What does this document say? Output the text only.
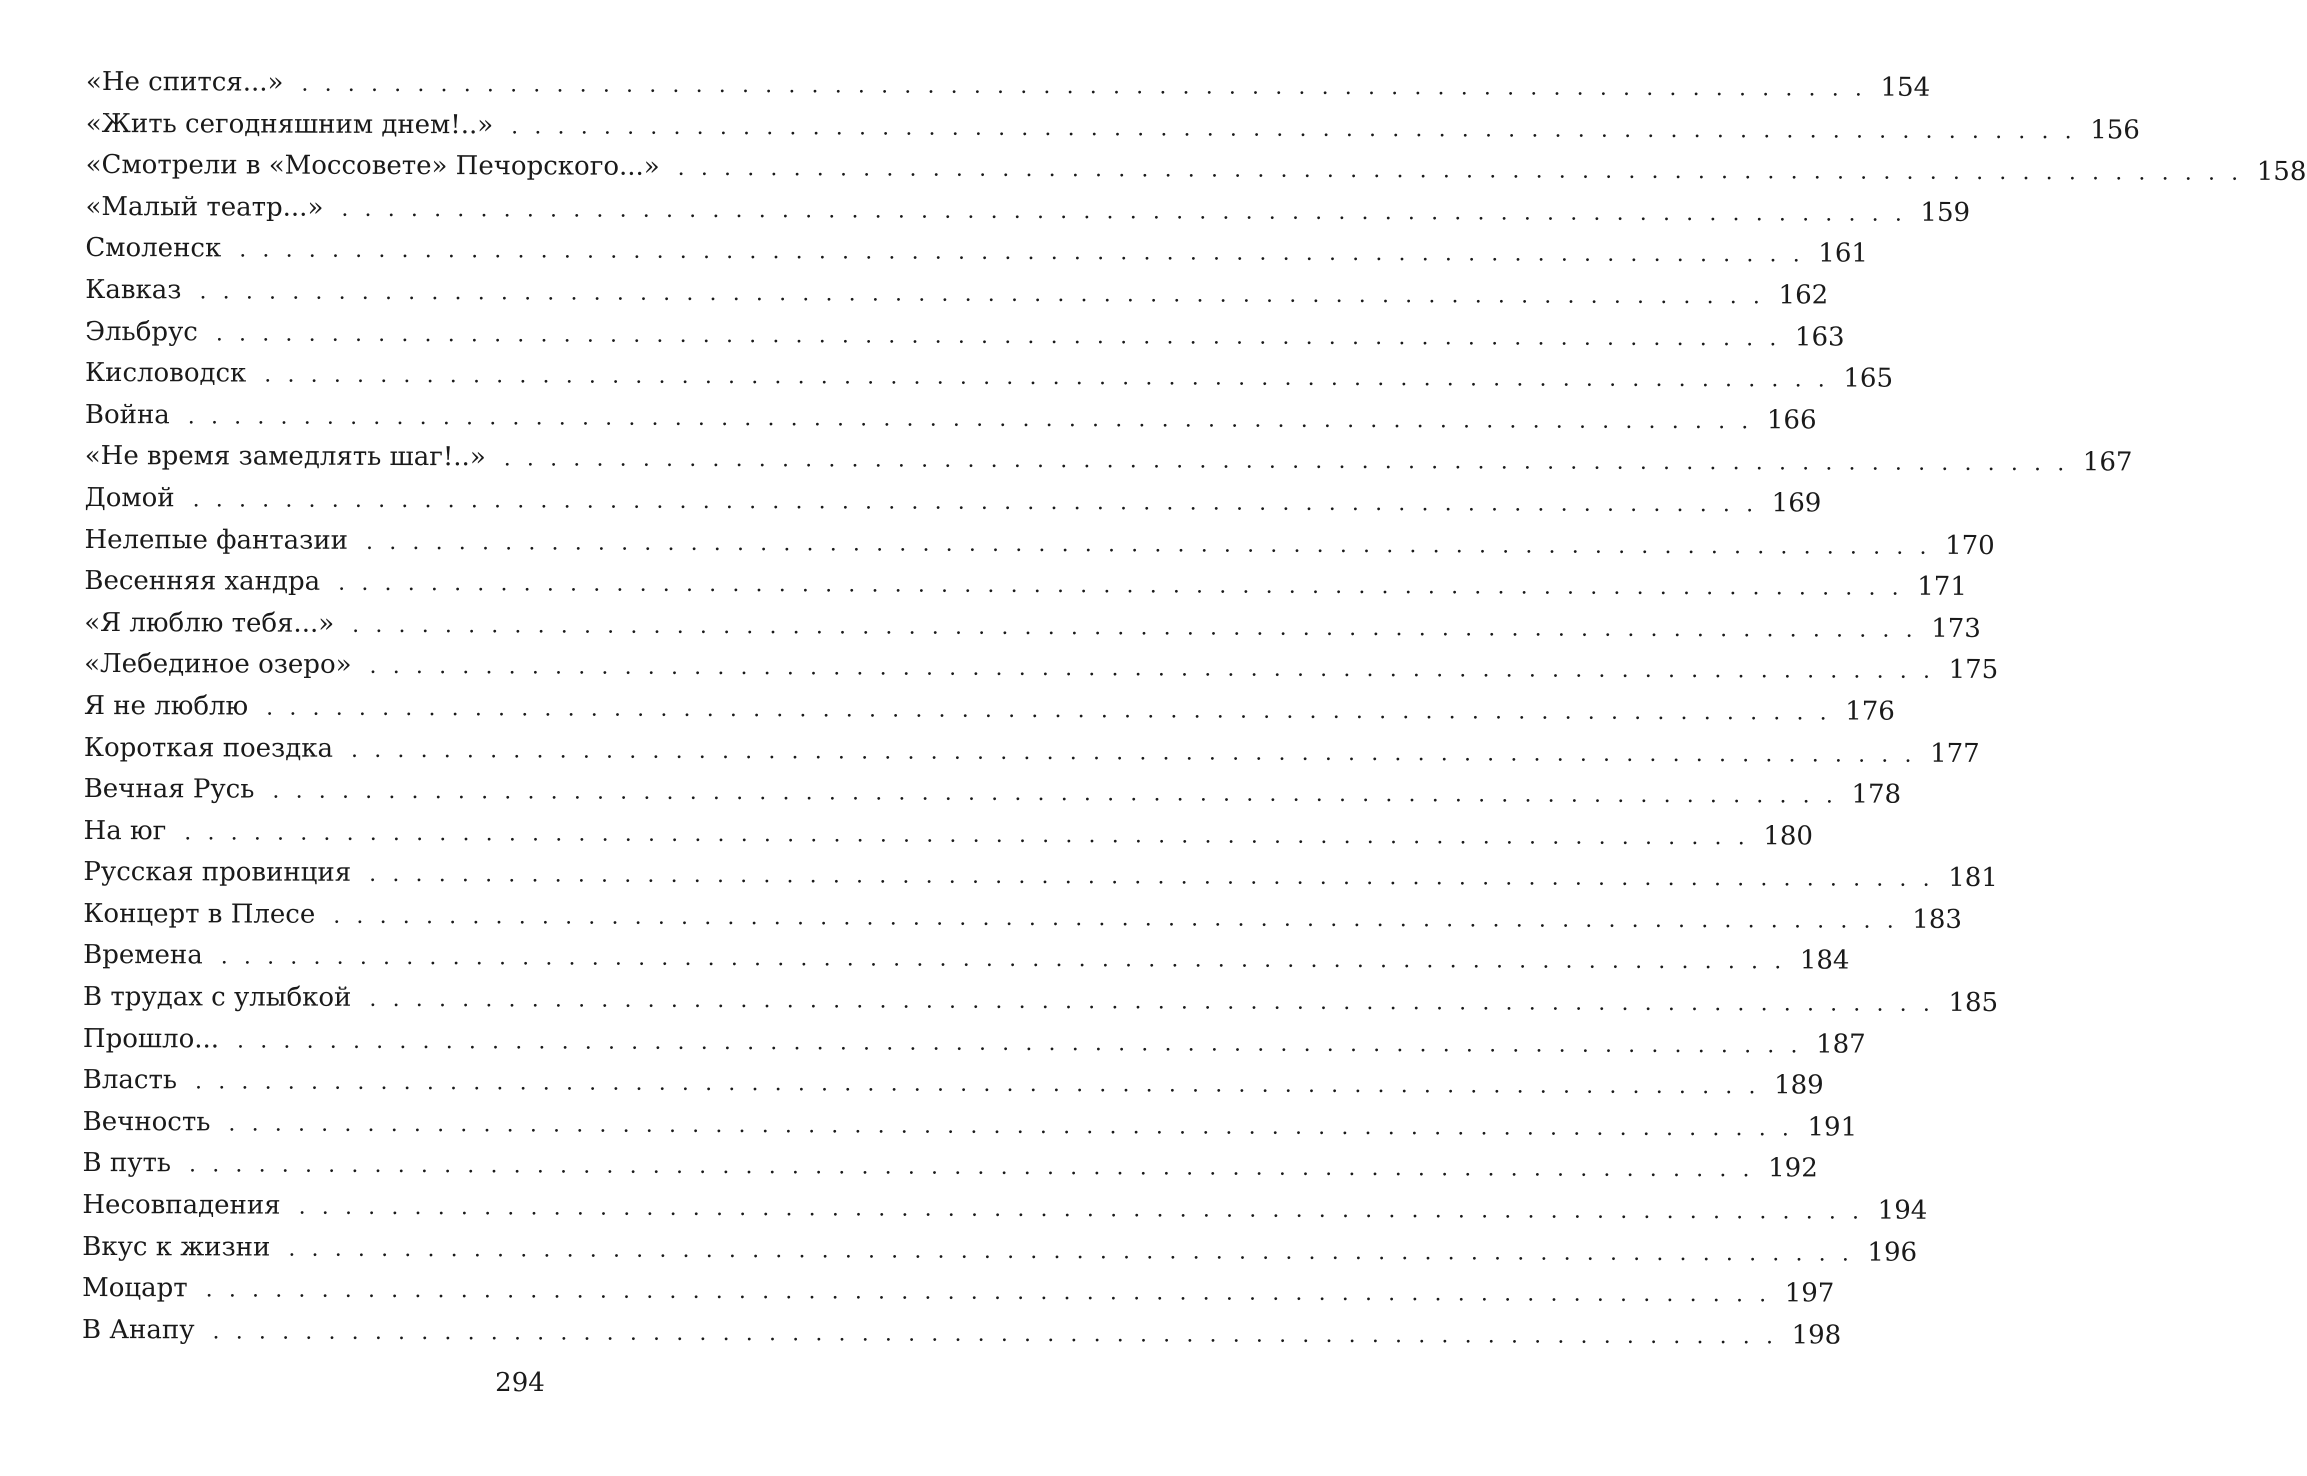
«Не спится...» . . . . . . . . . . . . . . . . . . . . . . . . . . . . . . . . . . . . . . . . . . . . . . . . . . . . . . . . . . . . . . . . . . . . 154
«Жить сегодняшним днем!..» . . . . . . . . . . . . . . . . . . . . . . . . . . . . . . . . . . . . . . . . . . . . . . . . . . . . . . . . . . . . . . . . . . . . 156
«Смотрели в «Моссовете» Печорского...» . . . . . . . . . . . . . . . . . . . . . . . . . . . . . . . . . . . . . . . . . . . . . . . . . . . . . . . . . . . . . . . . . . . . 158
«Малый театр...» . . . . . . . . . . . . . . . . . . . . . . . . . . . . . . . . . . . . . . . . . . . . . . . . . . . . . . . . . . . . . . . . . . . . 159
Смоленск . . . . . . . . . . . . . . . . . . . . . . . . . . . . . . . . . . . . . . . . . . . . . . . . . . . . . . . . . . . . . . . . . . . . 161
Кавказ . . . . . . . . . . . . . . . . . . . . . . . . . . . . . . . . . . . . . . . . . . . . . . . . . . . . . . . . . . . . . . . . . . . . 162
Эльбрус . . . . . . . . . . . . . . . . . . . . . . . . . . . . . . . . . . . . . . . . . . . . . . . . . . . . . . . . . . . . . . . . . . . . 163
Кисловодск . . . . . . . . . . . . . . . . . . . . . . . . . . . . . . . . . . . . . . . . . . . . . . . . . . . . . . . . . . . . . . . . . . . . 165
Война . . . . . . . . . . . . . . . . . . . . . . . . . . . . . . . . . . . . . . . . . . . . . . . . . . . . . . . . . . . . . . . . . . . . 166
«Не время замедлять шаг!..» . . . . . . . . . . . . . . . . . . . . . . . . . . . . . . . . . . . . . . . . . . . . . . . . . . . . . . . . . . . . . . . . . . . . 167
Домой . . . . . . . . . . . . . . . . . . . . . . . . . . . . . . . . . . . . . . . . . . . . . . . . . . . . . . . . . . . . . . . . . . . . 169
Нелепые фантазии . . . . . . . . . . . . . . . . . . . . . . . . . . . . . . . . . . . . . . . . . . . . . . . . . . . . . . . . . . . . . . . . . . . . 170
Весенняя хандра . . . . . . . . . . . . . . . . . . . . . . . . . . . . . . . . . . . . . . . . . . . . . . . . . . . . . . . . . . . . . . . . . . . . 171
«Я люблю тебя...» . . . . . . . . . . . . . . . . . . . . . . . . . . . . . . . . . . . . . . . . . . . . . . . . . . . . . . . . . . . . . . . . . . . . 173
«Лебединое озеро» . . . . . . . . . . . . . . . . . . . . . . . . . . . . . . . . . . . . . . . . . . . . . . . . . . . . . . . . . . . . . . . . . . . . 175
Я не люблю . . . . . . . . . . . . . . . . . . . . . . . . . . . . . . . . . . . . . . . . . . . . . . . . . . . . . . . . . . . . . . . . . . . . 176
Короткая поездка . . . . . . . . . . . . . . . . . . . . . . . . . . . . . . . . . . . . . . . . . . . . . . . . . . . . . . . . . . . . . . . . . . . . 177
Вечная Русь . . . . . . . . . . . . . . . . . . . . . . . . . . . . . . . . . . . . . . . . . . . . . . . . . . . . . . . . . . . . . . . . . . . . 178
На юг . . . . . . . . . . . . . . . . . . . . . . . . . . . . . . . . . . . . . . . . . . . . . . . . . . . . . . . . . . . . . . . . . . . . 180
Русская провинция . . . . . . . . . . . . . . . . . . . . . . . . . . . . . . . . . . . . . . . . . . . . . . . . . . . . . . . . . . . . . . . . . . . . 181
Концерт в Плесе . . . . . . . . . . . . . . . . . . . . . . . . . . . . . . . . . . . . . . . . . . . . . . . . . . . . . . . . . . . . . . . . . . . . 183
Времена . . . . . . . . . . . . . . . . . . . . . . . . . . . . . . . . . . . . . . . . . . . . . . . . . . . . . . . . . . . . . . . . . . . . 184
В трудах с улыбкой . . . . . . . . . . . . . . . . . . . . . . . . . . . . . . . . . . . . . . . . . . . . . . . . . . . . . . . . . . . . . . . . . . . . 185
Прошло... . . . . . . . . . . . . . . . . . . . . . . . . . . . . . . . . . . . . . . . . . . . . . . . . . . . . . . . . . . . . . . . . . . . . 187
Власть . . . . . . . . . . . . . . . . . . . . . . . . . . . . . . . . . . . . . . . . . . . . . . . . . . . . . . . . . . . . . . . . . . . . 189
Вечность . . . . . . . . . . . . . . . . . . . . . . . . . . . . . . . . . . . . . . . . . . . . . . . . . . . . . . . . . . . . . . . . . . . . 191
В путь . . . . . . . . . . . . . . . . . . . . . . . . . . . . . . . . . . . . . . . . . . . . . . . . . . . . . . . . . . . . . . . . . . . . 192
Несовпадения . . . . . . . . . . . . . . . . . . . . . . . . . . . . . . . . . . . . . . . . . . . . . . . . . . . . . . . . . . . . . . . . . . . . 194
Вкус к жизни . . . . . . . . . . . . . . . . . . . . . . . . . . . . . . . . . . . . . . . . . . . . . . . . . . . . . . . . . . . . . . . . . . . . 196
Моцарт . . . . . . . . . . . . . . . . . . . . . . . . . . . . . . . . . . . . . . . . . . . . . . . . . . . . . . . . . . . . . . . . . . . . 197
В Анапу . . . . . . . . . . . . . . . . . . . . . . . . . . . . . . . . . . . . . . . . . . . . . . . . . . . . . . . . . . . . . . . . . . . . 198
294
